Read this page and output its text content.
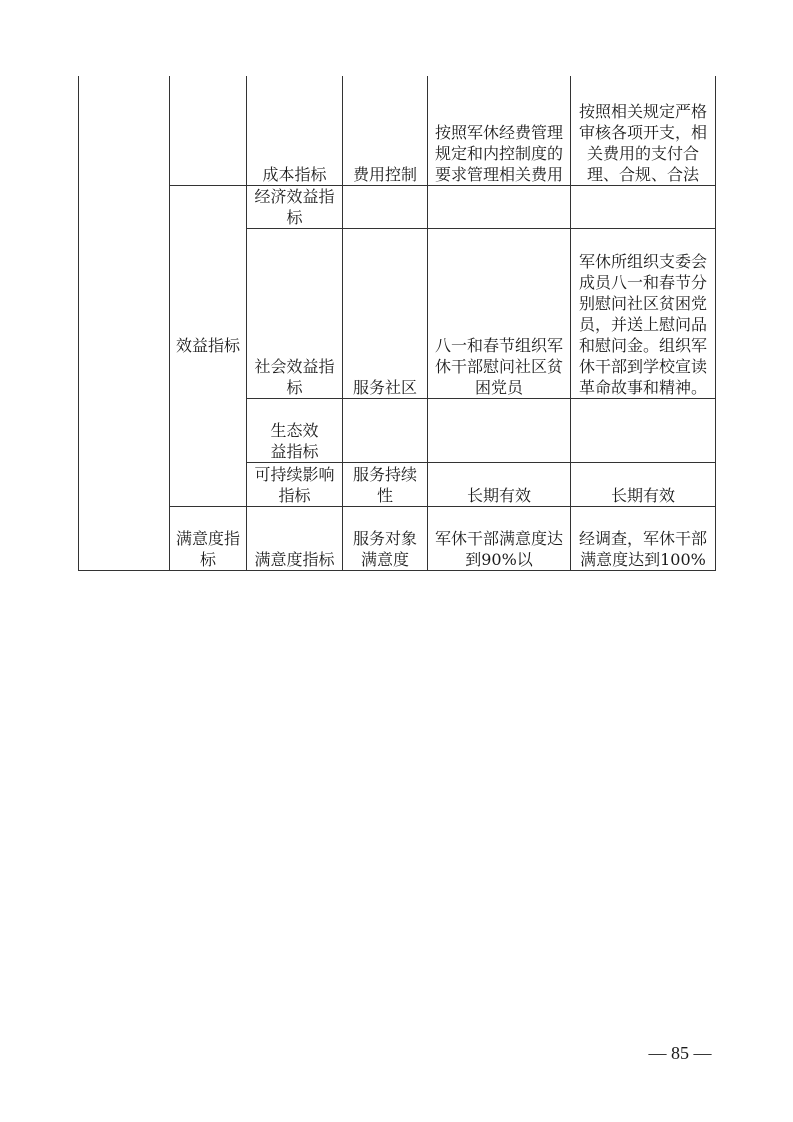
		成本指标	费用控制	按照军休经费管理规定和内控制度的要求管理相关费用	按照相关规定严格审核各项开支，相关费用的支付合理、合规、合法

	效益指标	经济效益指标			

		社会效益指标	服务社区	八一和春节组织军休干部慰问社区贫困党员	军休所组织支委会成员八一和春节分别慰问社区贫困党员，并送上慰问品和慰问金。组织军休干部到学校宣读革命故事和精神。

		生态效益指标			

		可持续影响指标	服务持续性	长期有效	长期有效

	满意度指标	满意度指标	服务对象满意度	军休干部满意度达到90%以	经调查，军休干部满意度达到100%
— 85 —
